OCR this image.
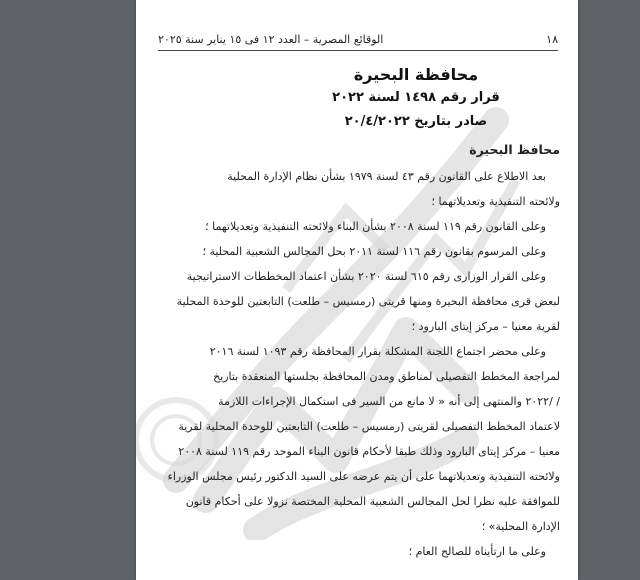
١٨
الوقائع المصرية – العدد ١٢ فى ١٥ يناير سنة ٢٠٢٥
محافظة البحيرة
قرار رقم ١٤٩٨ لسنة ٢٠٢٢
صادر بتاريخ ٢٠/٤/٢٠٢٢
محافظ البحيرة

بعد الاطلاع على القانون رقم ٤٣ لسنة ١٩٧٩ بشأن نظام الإدارة المحلية

ولائحته التنفيذية وتعديلاتهما ؛

وعلى القانون رقم ١١٩ لسنة ٢٠٠٨ بشأن البناء ولائحته التنفيذية وتعديلاتهما ؛

وعلى المرسوم بقانون رقم ١١٦ لسنة ٢٠١١ بحل المجالس الشعبية المحلية ؛

وعلى القرار الوزارى رقم ٦١٥ لسنة ٢٠٢٠ بشأن اعتماد المخططات الاستراتيجية

لبعض قرى محافظة البحيرة ومنها قريتى (رمسيس – طلعت) التابعتين للوحدة المحلية

لقرية معنيا – مركز إيتاى البارود ؛

وعلى محضر اجتماع اللجنة المشكلة بقرار المحافظة رقم ١٠٩٣ لسنة ٢٠١٦

لمراجعة المخطط التفصيلى لمناطق ومدن المحافظة بجلستها المنعقدة بتاريخ

/ /٢٠٢٢ والمنتهى إلى أنه « لا مانع من السير فى استكمال الإجراءات اللازمة

لاعتماد المخطط التفصيلى لقريتى (رمسيس – طلعت) التابعتين للوحدة المحلية لقرية

معنيا – مركز إيتاى البارود وذلك طبقا لأحكام قانون البناء الموحد رقم ١١٩ لسنة ٢٠٠٨

ولائحته التنفيذية وتعديلاتهما على أن يتم عرضه على السيد الدكتور رئيس مجلس الوزراء

للموافقة عليه نظرا لحل المجالس الشعبية المحلية المختصة نزولا على أحكام قانون

الإدارة المحلية» ؛

وعلى ما ارتأيناه للصالح العام ؛
